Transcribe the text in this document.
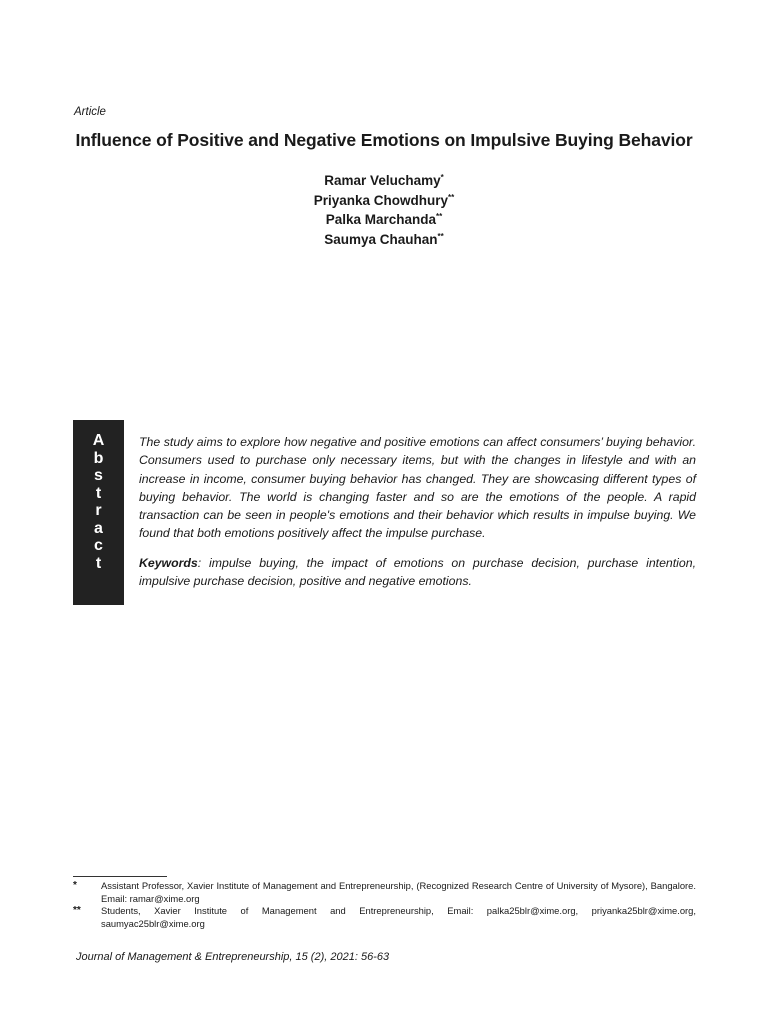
Article
Influence of Positive and Negative Emotions on Impulsive Buying Behavior
Ramar Veluchamy*
Priyanka Chowdhury**
Palka Marchanda**
Saumya Chauhan**
A
b
s
t
r
a
c
t

The study aims to explore how negative and positive emotions can affect consumers’ buying behavior. Consumers used to purchase only necessary items, but with the changes in lifestyle and with an increase in income, consumer buying behavior has changed. They are showcasing different types of buying behavior. The world is changing faster and so are the emotions of the people. A rapid transaction can be seen in people's emotions and their behavior which results in impulse buying. We found that both emotions positively affect the impulse purchase.

Keywords: impulse buying, the impact of emotions on purchase decision, purchase intention, impulsive purchase decision, positive and negative emotions.

*	Assistant Professor, Xavier Institute of Management and Entrepreneurship, (Recognized Research Centre of University of Mysore), Bangalore. Email: ramar@xime.org
** Students, Xavier Institute of Management and Entrepreneurship, Email: palka25blr@xime.org, priyanka25blr@xime.org, saumyac25blr@xime.org
Journal of Management & Entrepreneurship, 15 (2), 2021: 56-63
